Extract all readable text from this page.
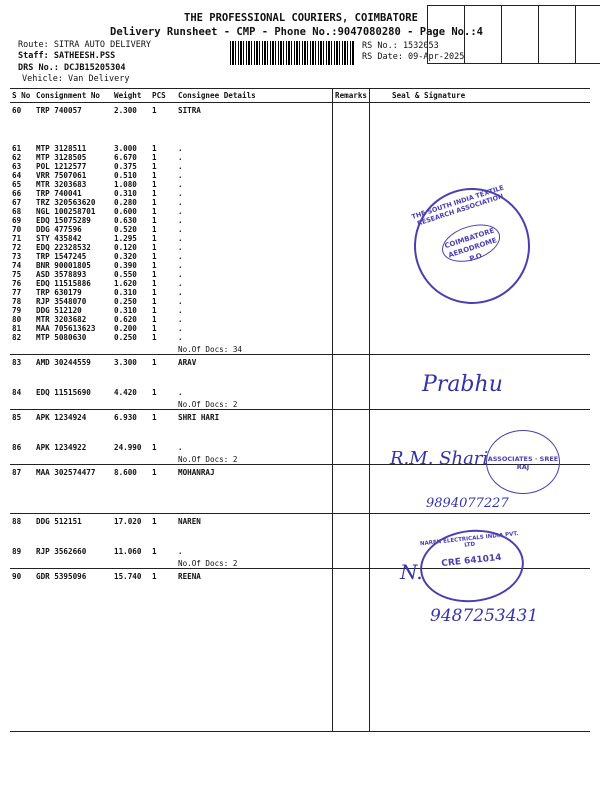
THE PROFESSIONAL COURIERS, COIMBATORE
Delivery Runsheet - CMP - Phone No.:9047080280 - Page No.:4
Route: SITRA AUTO DELIVERY
Staff: SATHEESH.PSS
DRS No.: DCJB15205304
Vehicle: Van Delivery
RS No.: 1532053
RS Date: 09-Apr-2025
S No	Consignment No	Weight	PCS	Consignee Details	Remarks	Seal & Signature
60	TRP 740057	2.300	1	SITRA		

61	MTP 3128511	3.000	1	.		
62	MTP 3128505	6.670	1	.		
63	POL 1212577	0.375	1	.		
64	VRR 7507061	0.510	1	.		
65	MTR 3203683	1.080	1	.		
66	TRP 740041	0.310	1	.		
67	TRZ 320563620	0.280	1	.		
68	NGL 100258701	0.600	1	.		
69	EDQ 15075289	0.630	1	.		
70	DDG 477596	0.520	1	.		
71	STY 435842	1.295	1	.		
72	EDQ 22328532	0.120	1	.		
73	TRP 1547245	0.320	1	.		
74	BNR 90001805	0.390	1	.		
75	ASD 3578893	0.550	1	.		
76	EDQ 11515886	1.620	1	.		
77	TRP 630179	0.310	1	.		
78	RJP 3548070	0.250	1	.		
79	DDG 512120	0.310	1	.		
80	MTR 3203682	0.620	1	.		
81	MAA 705613623	0.200	1	.		
82	MTP 5080630	0.250	1	.		
				No.Of Docs: 34		
83	AMD 30244559	3.300	1	ARAV		

84	EDQ 11515690	4.420	1	.		
				No.Of Docs: 2		
85	APK 1234924	6.930	1	SHRI HARI		

86	APK 1234922	24.990	1	.		
				No.Of Docs: 2		
87	MAA 302574477	8.600	1	MOHANRAJ		

88	DDG 512151	17.020	1	NAREN		

89	RJP 3562660	11.060	1	.		
				No.Of Docs: 2		
90	GDR 5395096	15.740	1	REENA		

THE SOUTH INDIA TEXTILE RESEARCH ASSOCIATION
COIMBATORE AERODROME P.O
Prabhu
ASSOCIATES · SREE RAJ
R.M. Shari
9894077227
NAREN ELECTRICALS INDIA PVT. LTD
CRE 641014
N.
9487253431
